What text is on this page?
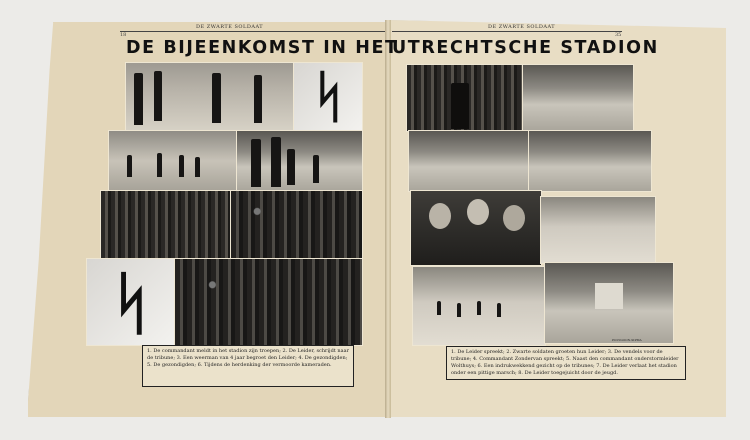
DE ZWARTE SOLDAAT	DE ZWARTE SOLDAAT
18	35
DE BIJEENKOMST IN HET
UTRECHTSCHE STADION
ᛋ
ᛋ
1. De commandant meldt in het stadion zijn troepen; 2. De Leider, schrijdt naar de tribune; 3. Een weerman van 4 jaar begroet den Leider; 4. De gezondigden; 5. De gezondigden; 6. Tijdens de herdenking der vermoorde kameraden.
POLYGOON-SIPMA
1. De Leider spreekt; 2. Zwarte soldaten groeten hun Leider; 3. De vendels voor de tribune; 4. Commandant Zondervan spreekt; 5. Naast den commandant onderstormleider Wolthuys; 6. Een indrukwekkend gezicht op de tribunes; 7. De Leider verlaat het stadion onder een pittige marsch; 8. De Leider toegejuicht door de jeugd.
